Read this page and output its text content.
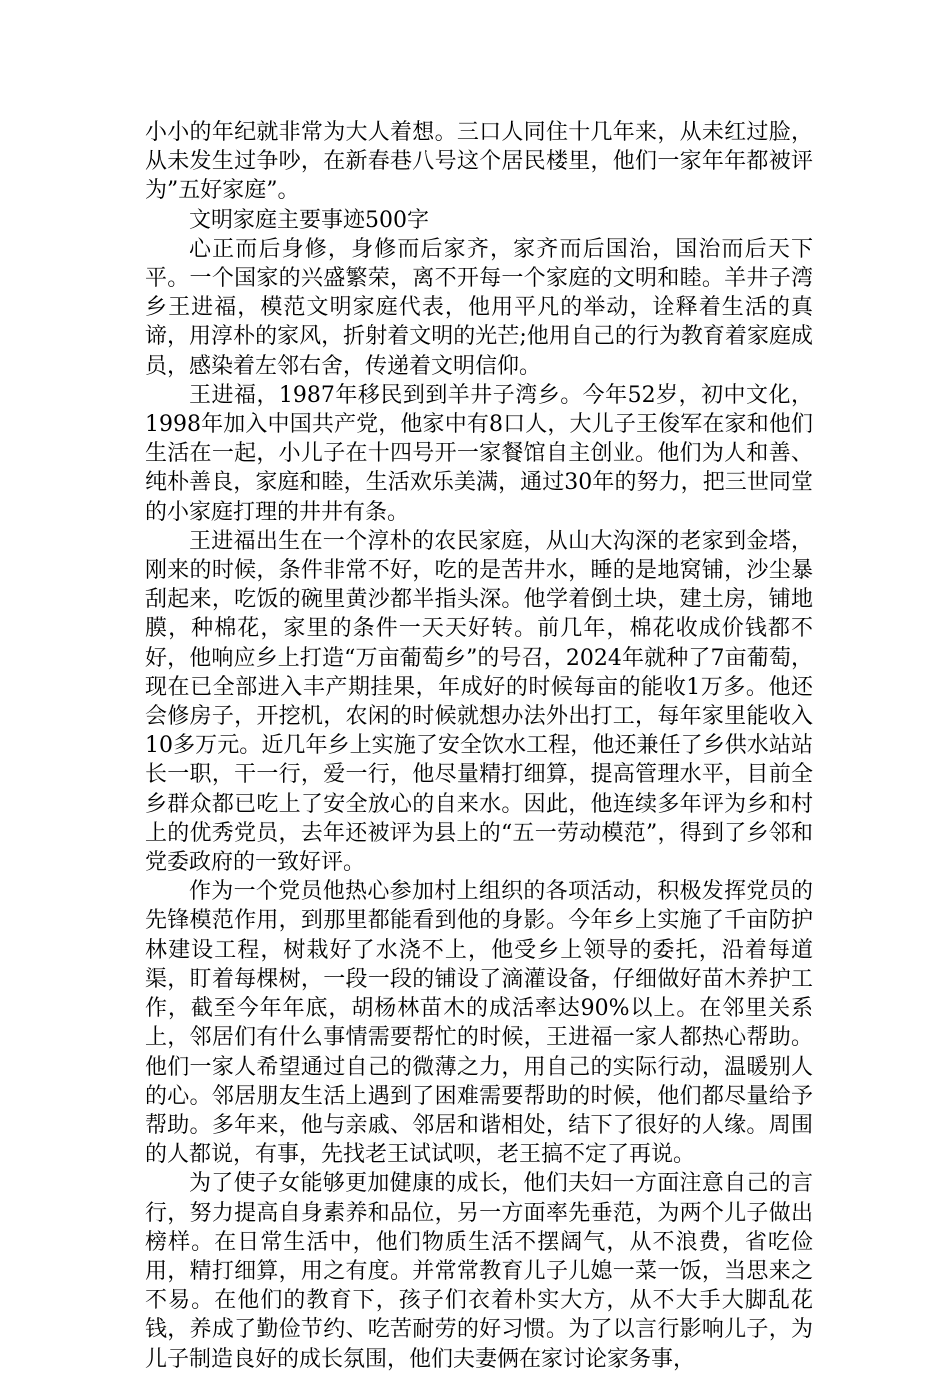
小小的年纪就非常为大人着想。三口人同住十几年来，从未红过脸，从未发生过争吵，在新春巷八号这个居民楼里，他们一家年年都被评为”五好家庭”。

文明家庭主要事迹500字

心正而后身修，身修而后家齐，家齐而后国治，国治而后天下平。一个国家的兴盛繁荣，离不开每一个家庭的文明和睦。羊井子湾乡王进福，模范文明家庭代表，他用平凡的举动，诠释着生活的真谛，用淳朴的家风，折射着文明的光芒;他用自己的行为教育着家庭成员，感染着左邻右舍，传递着文明信仰。

王进福，1987年移民到到羊井子湾乡。今年52岁，初中文化，1998年加入中国共产党，他家中有8口人，大儿子王俊军在家和他们生活在一起，小儿子在十四号开一家餐馆自主创业。他们为人和善、纯朴善良，家庭和睦，生活欢乐美满，通过30年的努力，把三世同堂的小家庭打理的井井有条。

王进福出生在一个淳朴的农民家庭，从山大沟深的老家到金塔，刚来的时候，条件非常不好，吃的是苦井水，睡的是地窝铺，沙尘暴刮起来，吃饭的碗里黄沙都半指头深。他学着倒土块，建土房，铺地膜，种棉花，家里的条件一天天好转。前几年，棉花收成价钱都不好，他响应乡上打造“万亩葡萄乡”的号召，2024年就种了7亩葡萄，现在已全部进入丰产期挂果，年成好的时候每亩的能收1万多。他还会修房子，开挖机，农闲的时候就想办法外出打工，每年家里能收入10多万元。近几年乡上实施了安全饮水工程，他还兼任了乡供水站站长一职，干一行，爱一行，他尽量精打细算，提高管理水平，目前全乡群众都已吃上了安全放心的自来水。因此，他连续多年评为乡和村上的优秀党员，去年还被评为县上的“五一劳动模范”，得到了乡邻和党委政府的一致好评。

作为一个党员他热心参加村上组织的各项活动，积极发挥党员的先锋模范作用，到那里都能看到他的身影。今年乡上实施了千亩防护林建设工程，树栽好了水浇不上，他受乡上领导的委托，沿着每道渠，盯着每棵树，一段一段的铺设了滴灌设备，仔细做好苗木养护工作，截至今年年底，胡杨林苗木的成活率达90%以上。在邻里关系上，邻居们有什么事情需要帮忙的时候，王进福一家人都热心帮助。他们一家人希望通过自己的微薄之力，用自己的实际行动，温暖别人的心。邻居朋友生活上遇到了困难需要帮助的时候，他们都尽量给予帮助。多年来，他与亲戚、邻居和谐相处，结下了很好的人缘。周围的人都说，有事，先找老王试试呗，老王搞不定了再说。

为了使子女能够更加健康的成长，他们夫妇一方面注意自己的言行，努力提高自身素养和品位，另一方面率先垂范，为两个儿子做出榜样。在日常生活中，他们物质生活不摆阔气，从不浪费，省吃俭用，精打细算，用之有度。并常常教育儿子儿媳一菜一饭，当思来之不易。在他们的教育下，孩子们衣着朴实大方，从不大手大脚乱花钱，养成了勤俭节约、吃苦耐劳的好习惯。为了以言行影响儿子，为儿子制造良好的成长氛围，他们夫妻俩在家讨论家务事，
